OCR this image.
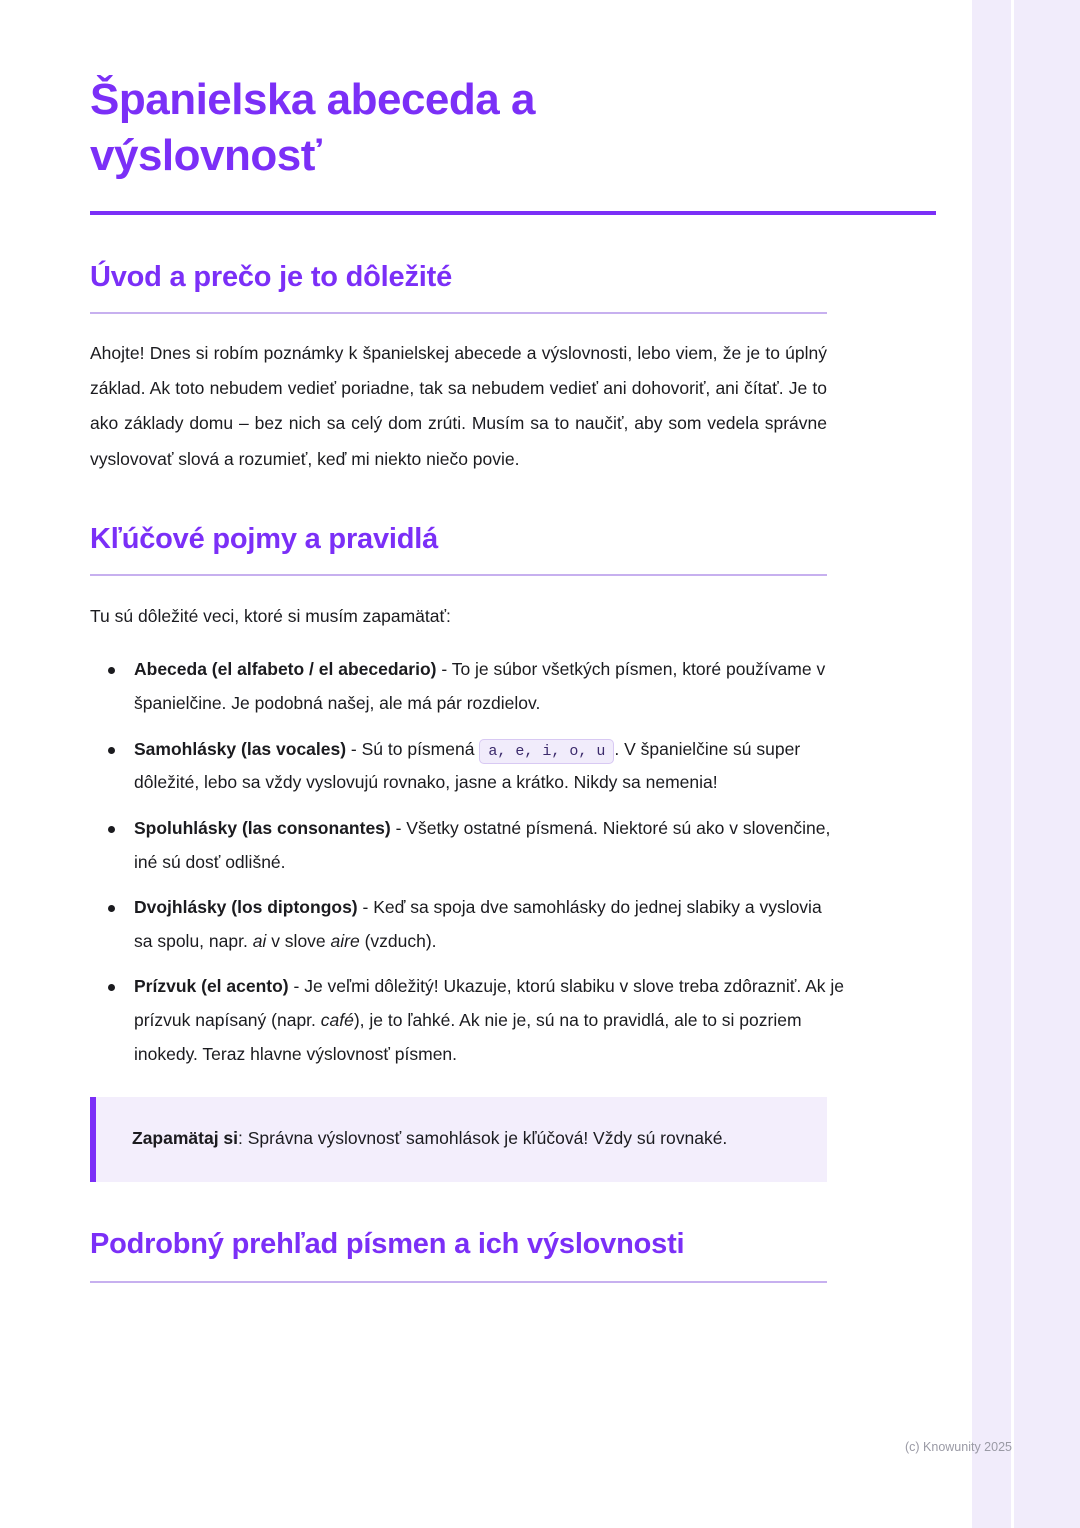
Španielska abeceda a výslovnosť
Úvod a prečo je to dôležité

Ahojte! Dnes si robím poznámky k španielskej abecede a výslovnosti, lebo viem, že je to úplný základ. Ak toto nebudem vedieť poriadne, tak sa nebudem vedieť ani dohovoriť, ani čítať. Je to ako základy domu – bez nich sa celý dom zrúti. Musím sa to naučiť, aby som vedela správne vyslovovať slová a rozumieť, keď mi niekto niečo povie.

Kľúčové pojmy a pravidlá

Tu sú dôležité veci, ktoré si musím zapamätať:

Abeceda (el alfabeto / el abecedario) - To je súbor všetkých písmen, ktoré používame v španielčine. Je podobná našej, ale má pár rozdielov.
Samohlásky (las vocales) - Sú to písmená a, e, i, o, u . V španielčine sú super dôležité, lebo sa vždy vyslovujú rovnako, jasne a krátko. Nikdy sa nemenia!
Spoluhlásky (las consonantes) - Všetky ostatné písmená. Niektoré sú ako v slovenčine, iné sú dosť odlišné.
Dvojhlásky (los diptongos) - Keď sa spoja dve samohlásky do jednej slabiky a vyslovia sa spolu, napr. ai v slove aire (vzduch).
Prízvuk (el acento) - Je veľmi dôležitý! Ukazuje, ktorú slabiku v slove treba zdôrazniť. Ak je prízvuk napísaný (napr. café), je to ľahké. Ak nie je, sú na to pravidlá, ale to si pozriem inokedy. Teraz hlavne výslovnosť písmen.

Zapamätaj si: Správna výslovnosť samohlások je kľúčová! Vždy sú rovnaké.

Podrobný prehľad písmen a ich výslovnosti
(c) Knowunity 2025
